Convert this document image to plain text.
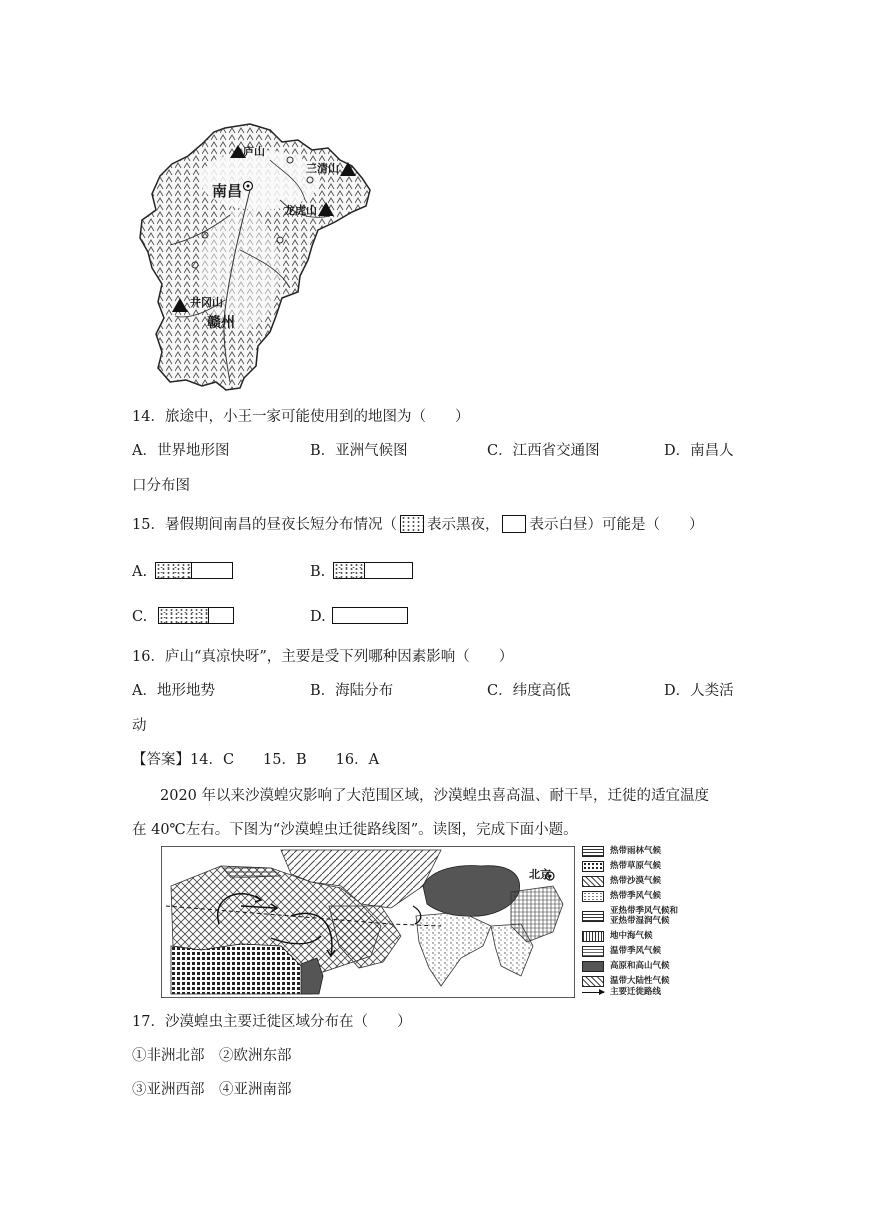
庐山
三清山
南昌
龙虎山
井冈山
赣州
14．旅途中，小王一家可能使用到的地图为（　　）
A．世界地形图	B．亚洲气候图	C．江西省交通图	D．南昌人
口分布图
15．暑假期间南昌的昼夜长短分布情况（ 表示黑夜， 表示白昼）可能是（　　）
A.	B.
C.	D.
16．庐山“真凉快呀”，主要是受下列哪种因素影响（　　）
A．地形地势	B．海陆分布	C．纬度高低	D．人类活
动
【答案】14．C　　15．B　　16．A
2020 年以来沙漠蝗灾影响了大范围区域，沙漠蝗虫喜高温、耐干旱，迁徙的适宜温度
在 40℃左右。下图为“沙漠蝗虫迁徙路线图”。读图，完成下面小题。
北京
热带雨林气候
热带草原气候
热带沙漠气候
热带季风气候
亚热带季风气候和
亚热带湿润气候
地中海气候
温带季风气候
高原和高山气候
温带大陆性气候
主要迁徙路线
17．沙漠蝗虫主要迁徙区域分布在（　　）
①非洲北部　②欧洲东部
③亚洲西部　④亚洲南部
